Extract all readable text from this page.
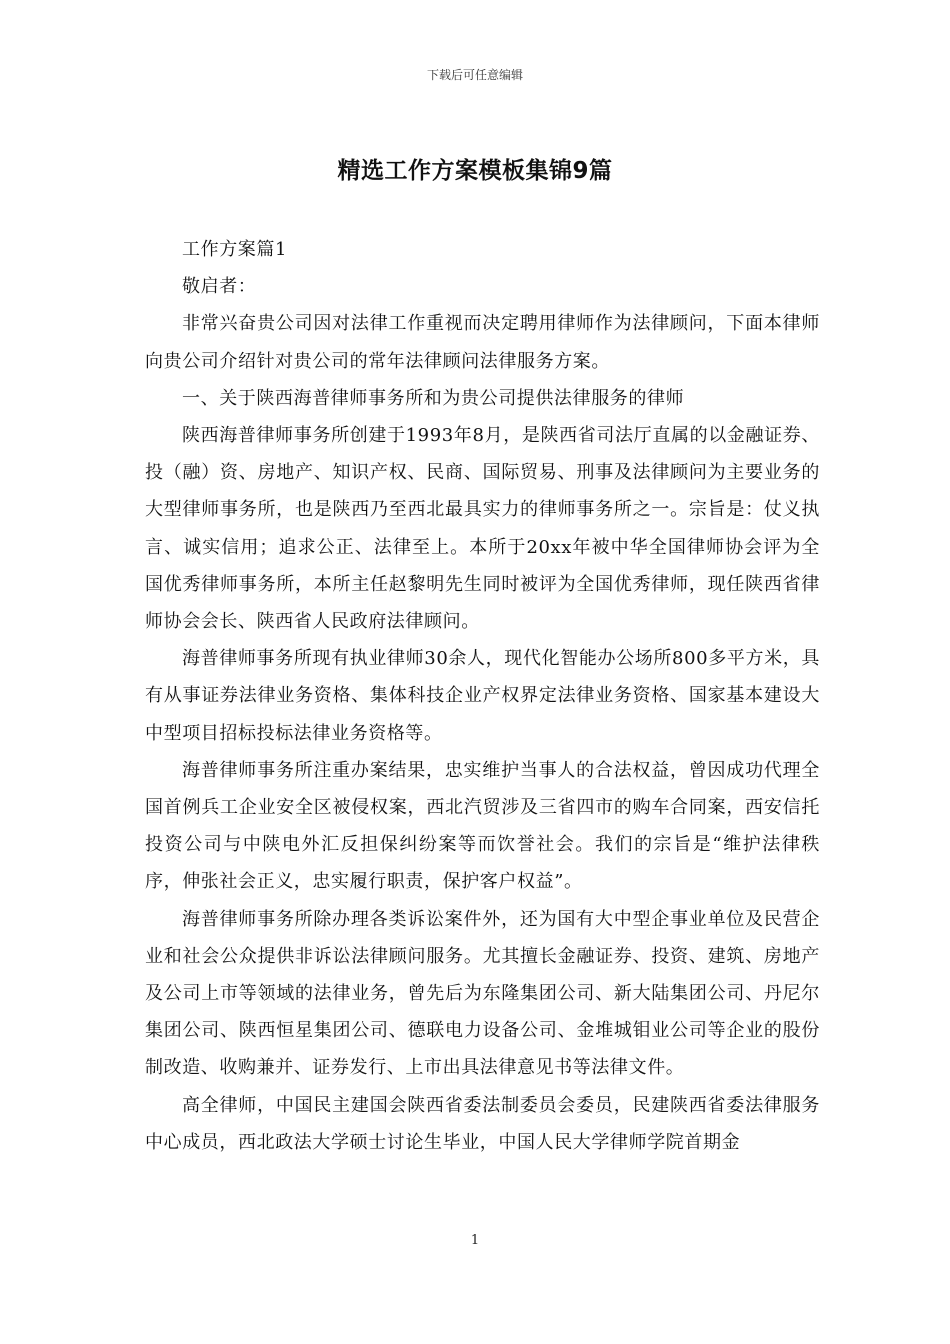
下载后可任意编辑
精选工作方案模板集锦9篇

工作方案篇1

敬启者：

非常兴奋贵公司因对法律工作重视而决定聘用律师作为法律顾问，下面本律师向贵公司介绍针对贵公司的常年法律顾问法律服务方案。

一、关于陕西海普律师事务所和为贵公司提供法律服务的律师

陕西海普律师事务所创建于1993年8月，是陕西省司法厅直属的以金融证券、投（融）资、房地产、知识产权、民商、国际贸易、刑事及法律顾问为主要业务的大型律师事务所，也是陕西乃至西北最具实力的律师事务所之一。宗旨是：仗义执言、诚实信用；追求公正、法律至上。本所于20xx年被中华全国律师协会评为全国优秀律师事务所，本所主任赵黎明先生同时被评为全国优秀律师，现任陕西省律师协会会长、陕西省人民政府法律顾问。

海普律师事务所现有执业律师30余人，现代化智能办公场所800多平方米，具有从事证券法律业务资格、集体科技企业产权界定法律业务资格、国家基本建设大中型项目招标投标法律业务资格等。

海普律师事务所注重办案结果，忠实维护当事人的合法权益，曾因成功代理全国首例兵工企业安全区被侵权案，西北汽贸涉及三省四市的购车合同案，西安信托投资公司与中陕电外汇反担保纠纷案等而饮誉社会。我们的宗旨是“维护法律秩序，伸张社会正义，忠实履行职责，保护客户权益”。

海普律师事务所除办理各类诉讼案件外，还为国有大中型企事业单位及民营企业和社会公众提供非诉讼法律顾问服务。尤其擅长金融证券、投资、建筑、房地产及公司上市等领域的法律业务，曾先后为东隆集团公司、新大陆集团公司、丹尼尔集团公司、陕西恒星集团公司、德联电力设备公司、金堆城钼业公司等企业的股份制改造、收购兼并、证券发行、上市出具法律意见书等法律文件。

高全律师，中国民主建国会陕西省委法制委员会委员，民建陕西省委法律服务中心成员，西北政法大学硕士讨论生毕业，中国人民大学律师学院首期金

1
